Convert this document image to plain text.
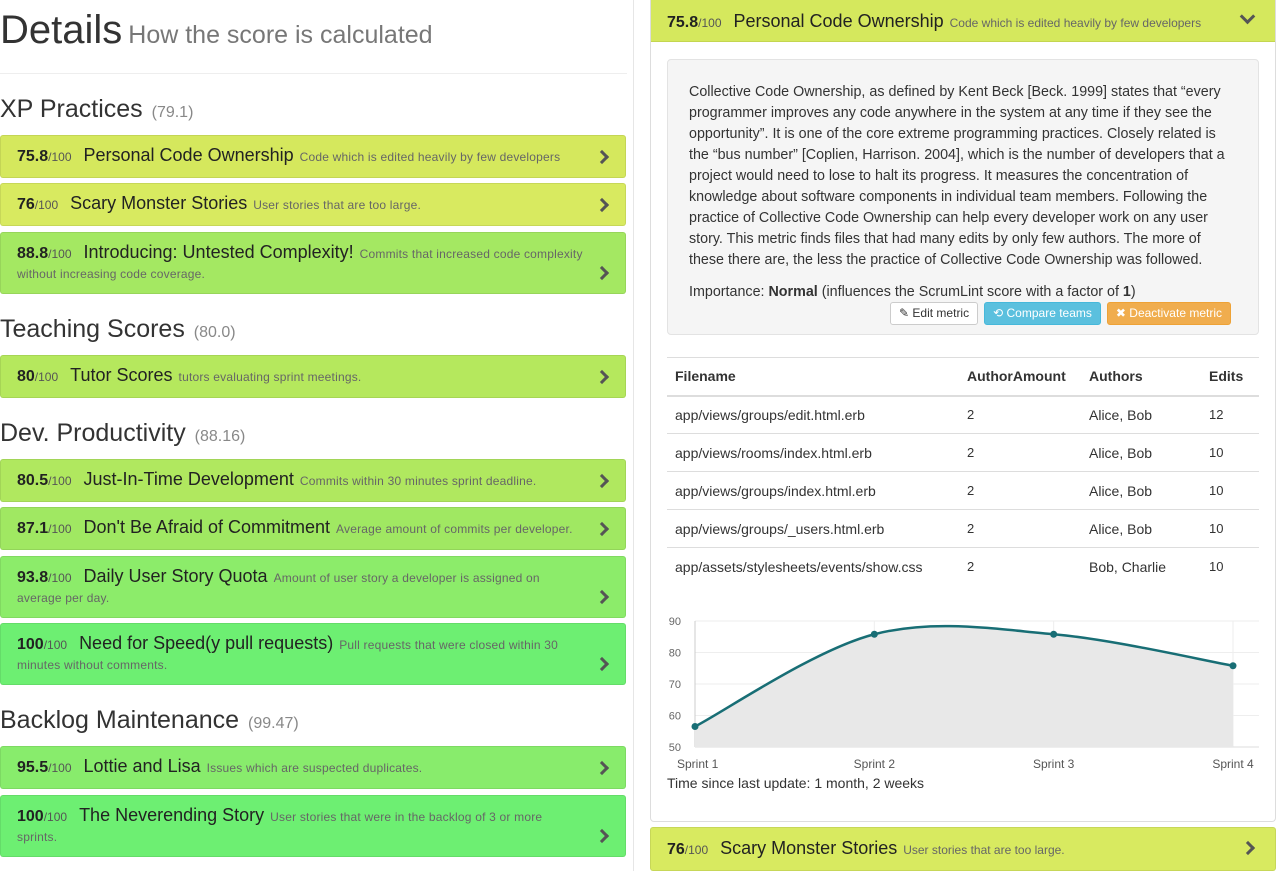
Details How the score is calculated
XP Practices (79.1)
75.8/100 Personal Code Ownership Code which is edited heavily by few developers
76/100 Scary Monster Stories User stories that are too large.
88.8/100 Introducing: Untested Complexity! Commits that increased code complexity without increasing code coverage.
Teaching Scores (80.0)
80/100 Tutor Scores tutors evaluating sprint meetings.
Dev. Productivity (88.16)
80.5/100 Just-In-Time Development Commits within 30 minutes sprint deadline.
87.1/100 Don't Be Afraid of Commitment Average amount of commits per developer.
93.8/100 Daily User Story Quota Amount of user story a developer is assigned on average per day.
100/100 Need for Speed(y pull requests) Pull requests that were closed within 30 minutes without comments.
Backlog Maintenance (99.47)
95.5/100 Lottie and Lisa Issues which are suspected duplicates.
100/100 The Neverending Story User stories that were in the backlog of 3 or more sprints.
75.8/100 Personal Code Ownership Code which is edited heavily by few developers

Collective Code Ownership, as defined by Kent Beck [Beck. 1999] states that “every programmer improves any code anywhere in the system at any time if they see the opportunity”. It is one of the core extreme programming practices. Closely related is the “bus number” [Coplien, Harrison. 2004], which is the number of developers that a project would need to lose to halt its progress. It measures the concentration of knowledge about software components in individual team members. Following the practice of Collective Code Ownership can help every developer work on any user story. This metric finds files that had many edits by only few authors. The more of these there are, the less the practice of Collective Code Ownership was followed.

Importance: Normal (influences the ScrumLint score with a factor of 1)

✎ Edit metric	⟲ Compare teams	✖ Deactivate metric
Filename	AuthorAmount	Authors	Edits
app/views/groups/edit.html.erb	2	Alice, Bob	12
app/views/rooms/index.html.erb	2	Alice, Bob	10
app/views/groups/index.html.erb	2	Alice, Bob	10
app/views/groups/_users.html.erb	2	Alice, Bob	10
app/assets/stylesheets/events/show.css	2	Bob, Charlie	10
50
60
70
80
90
Sprint 1	Sprint 2	Sprint 3	Sprint 4
Time since last update: 1 month, 2 weeks
76/100 Scary Monster Stories User stories that are too large.
